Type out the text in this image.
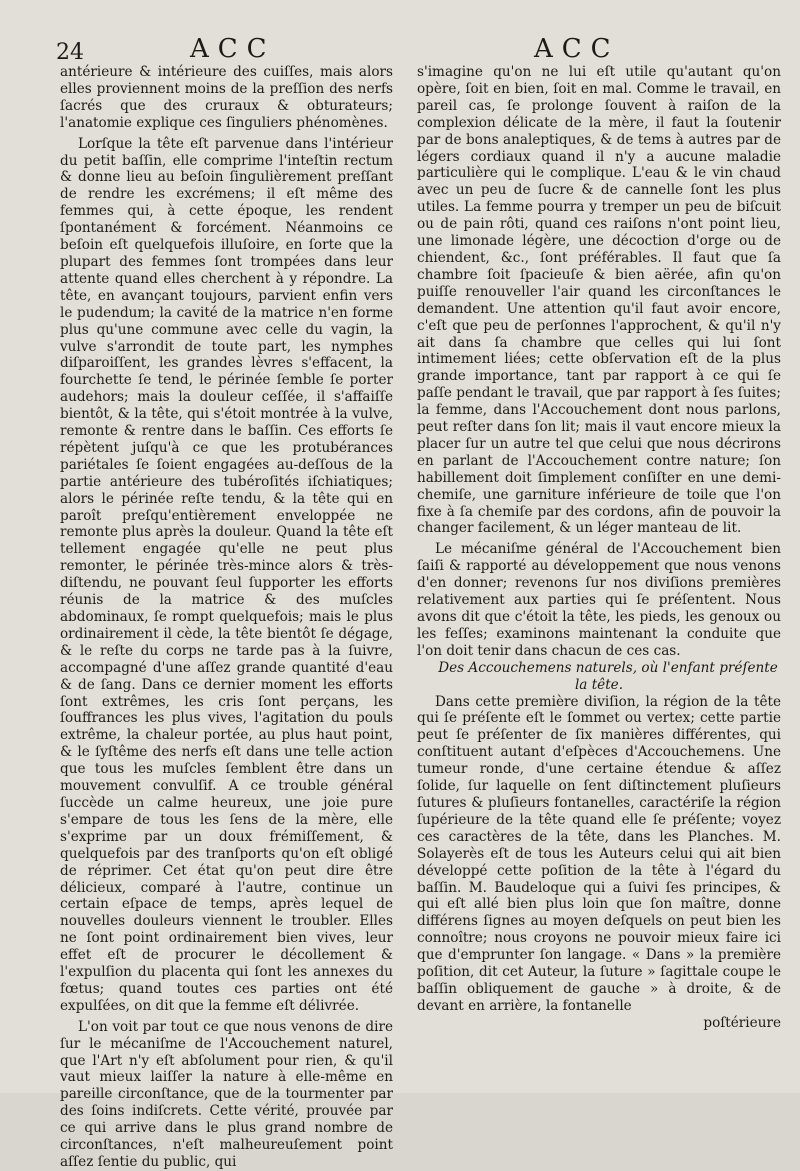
24	ACC	ACC

antérieure & intérieure des cuiſſes, mais alors elles proviennent moins de la preſſion des nerfs ſacrés que des cruraux & obturateurs; l'anatomie explique ces ſinguliers phénomènes.

Lorſque la tête eſt parvenue dans l'intérieur du petit baſſin, elle comprime l'inteſtin rectum & donne lieu au beſoin ſingulièrement preſſant de rendre les excrémens; il eſt même des femmes qui, à cette époque, les rendent ſpontanément & forcément. Néanmoins ce beſoin eſt quelquefois illuſoire, en ſorte que la plupart des femmes ſont trompées dans leur attente quand elles cherchent à y répondre. La tête, en avançant toujours, parvient enfin vers le pudendum; la cavité de la matrice n'en forme plus qu'une commune avec celle du vagin, la vulve s'arrondit de toute part, les nymphes diſparoiſſent, les grandes lèvres s'effacent, la fourchette ſe tend, le périnée ſemble ſe porter audehors; mais la douleur ceſſée, il s'affaiſſe bientôt, & la tête, qui s'étoit montrée à la vulve, remonte & rentre dans le baſſin. Ces efforts ſe répètent juſqu'à ce que les protubérances pariétales ſe ſoient engagées au-deſſous de la partie antérieure des tubéroſités iſchiatiques; alors le périnée reſte tendu, & la tête qui en paroît preſqu'entièrement enveloppée ne remonte plus après la douleur. Quand la tête eſt tellement engagée qu'elle ne peut plus remonter, le périnée très-mince alors & très-diſtendu, ne pouvant ſeul ſupporter les efforts réunis de la matrice & des muſcles abdominaux, ſe rompt quelquefois; mais le plus ordinairement il cède, la tête bientôt ſe dégage, & le reſte du corps ne tarde pas à la ſuivre, accompagné d'une aſſez grande quantité d'eau & de ſang. Dans ce dernier moment les efforts ſont extrêmes, les cris ſont perçans, les ſouffrances les plus vives, l'agitation du pouls extrême, la chaleur portée, au plus haut point, & le ſyſtême des nerfs eſt dans une telle action que tous les muſcles ſemblent être dans un mouvement convulſif. A ce trouble général ſuccède un calme heureux, une joie pure s'empare de tous les ſens de la mère, elle s'exprime par un doux frémiſſement, & quelquefois par des tranſports qu'on eſt obligé de réprimer. Cet état qu'on peut dire être délicieux, comparé à l'autre, continue un certain eſpace de temps, après lequel de nouvelles douleurs viennent le troubler. Elles ne ſont point ordinairement bien vives, leur effet eſt de procurer le décollement & l'expulſion du placenta qui ſont les annexes du fœtus; quand toutes ces parties ont été expulſées, on dit que la femme eſt délivrée.

L'on voit par tout ce que nous venons de dire ſur le mécaniſme de l'Accouchement naturel, que l'Art n'y eſt abſolument pour rien, & qu'il vaut mieux laiſſer la nature à elle-même en pareille circonſtance, que de la tourmenter par des ſoins indiſcrets. Cette vérité, prouvée par ce qui arrive dans le plus grand nombre de circonſtances, n'eſt malheureuſement point aſſez ſentie du public, qui

s'imagine qu'on ne lui eſt utile qu'autant qu'on opère, ſoit en bien, ſoit en mal. Comme le travail, en pareil cas, ſe prolonge ſouvent à raiſon de la complexion délicate de la mère, il faut la ſoutenir par de bons analeptiques, & de tems à autres par de légers cordiaux quand il n'y a aucune maladie particulière qui le complique. L'eau & le vin chaud avec un peu de ſucre & de cannelle ſont les plus utiles. La femme pourra y tremper un peu de biſcuit ou de pain rôti, quand ces raiſons n'ont point lieu, une limonade légère, une décoction d'orge ou de chiendent, &c., ſont préférables. Il faut que ſa chambre ſoit ſpacieuſe & bien aërée, afin qu'on puiſſe renouveller l'air quand les circonſtances le demandent. Une attention qu'il faut avoir encore, c'eſt que peu de perſonnes l'approchent, & qu'il n'y ait dans ſa chambre que celles qui lui ſont intimement liées; cette obſervation eſt de la plus grande importance, tant par rapport à ce qui ſe paſſe pendant le travail, que par rapport à ſes ſuites; la femme, dans l'Accouchement dont nous parlons, peut reſter dans ſon lit; mais il vaut encore mieux la placer ſur un autre tel que celui que nous décrirons en parlant de l'Accouchement contre nature; ſon habillement doit ſimplement conſiſter en une demi-chemiſe, une garniture inférieure de toile que l'on fixe à ſa chemiſe par des cordons, afin de pouvoir la changer facilement, & un léger manteau de lit.

Le mécaniſme général de l'Accouchement bien ſaiſi & rapporté au développement que nous venons d'en donner; revenons ſur nos diviſions premières relativement aux parties qui ſe préſentent. Nous avons dit que c'étoit la tête, les pieds, les genoux ou les feſſes; examinons maintenant la conduite que l'on doit tenir dans chacun de ces cas.

Des Accouchemens naturels, où l'enfant préſente la tête.

Dans cette première diviſion, la région de la tête qui ſe préſente eſt le ſommet ou vertex; cette partie peut ſe préſenter de ſix manières différentes, qui conſtituent autant d'eſpèces d'Accouchemens. Une tumeur ronde, d'une certaine étendue & aſſez ſolide, ſur laquelle on ſent diſtinctement pluſieurs ſutures & pluſieurs fontanelles, caractériſe la région ſupérieure de la tête quand elle ſe préſente; voyez ces caractères de la tête, dans les Planches. M. Solayerès eſt de tous les Auteurs celui qui ait bien développé cette poſition de la tête à l'égard du baſſin. M. Baudeloque qui a ſuivi ſes principes, & qui eſt allé bien plus loin que ſon maître, donne différens ſignes au moyen deſquels on peut bien les connoître; nous croyons ne pouvoir mieux faire ici que d'emprunter ſon langage. « Dans » la première poſition, dit cet Auteur, la ſuture » ſagittale coupe le baſſin obliquement de gauche » à droite, & de devant en arrière, la fontanelle

poſtérieure
